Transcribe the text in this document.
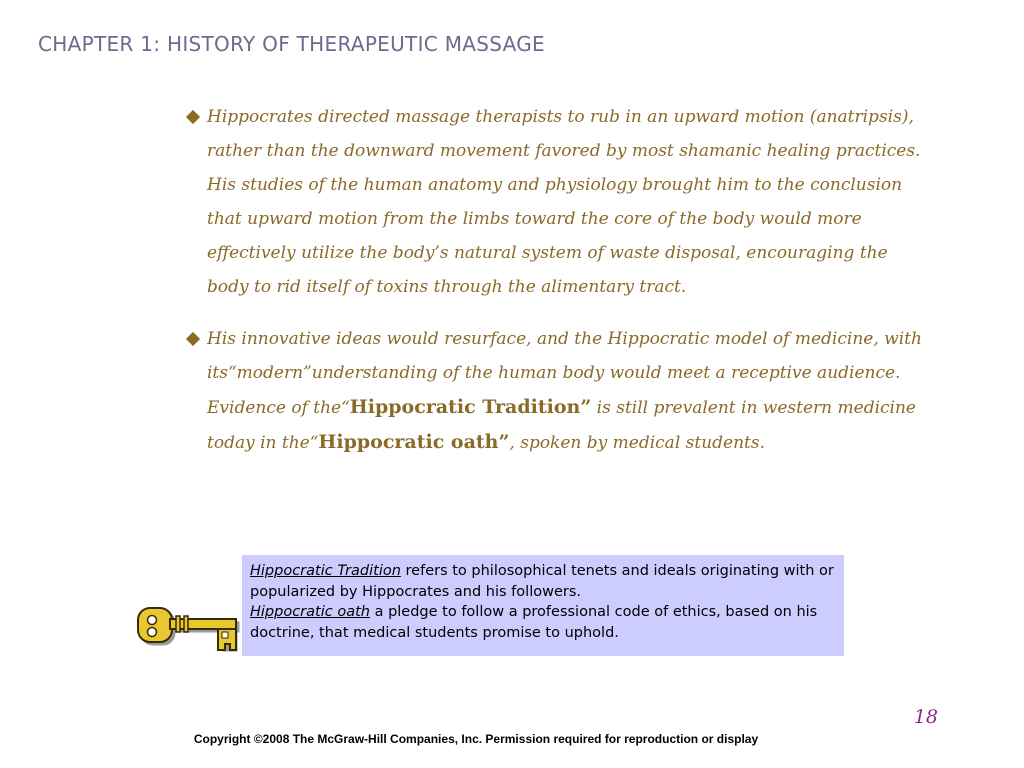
CHAPTER 1: HISTORY OF THERAPEUTIC MASSAGE
Hippocrates directed massage therapists to rub in an upward motion (anatripsis), rather than the downward movement favored by most shamanic healing practices. His studies of the human anatomy and physiology brought him to the conclusion that upward motion from the limbs toward the core of the body would more effectively utilize the body’s natural system of waste disposal, encouraging the body to rid itself of toxins through the alimentary tract.
His innovative ideas would resurface, and the Hippocratic model of medicine, with its“modern”understanding of the human body would meet a receptive audience. Evidence of the“Hippocratic Tradition” is still prevalent in western medicine today in the“Hippocratic oath”, spoken by medical students.
Hippocratic Tradition refers to philosophical tenets and ideals originating with or popularized by Hippocrates and his followers.
Hippocratic oath a pledge to follow a professional code of ethics, based on his doctrine, that medical students promise to uphold.
18
Copyright ©2008 The McGraw-Hill Companies, Inc. Permission required for reproduction or display
